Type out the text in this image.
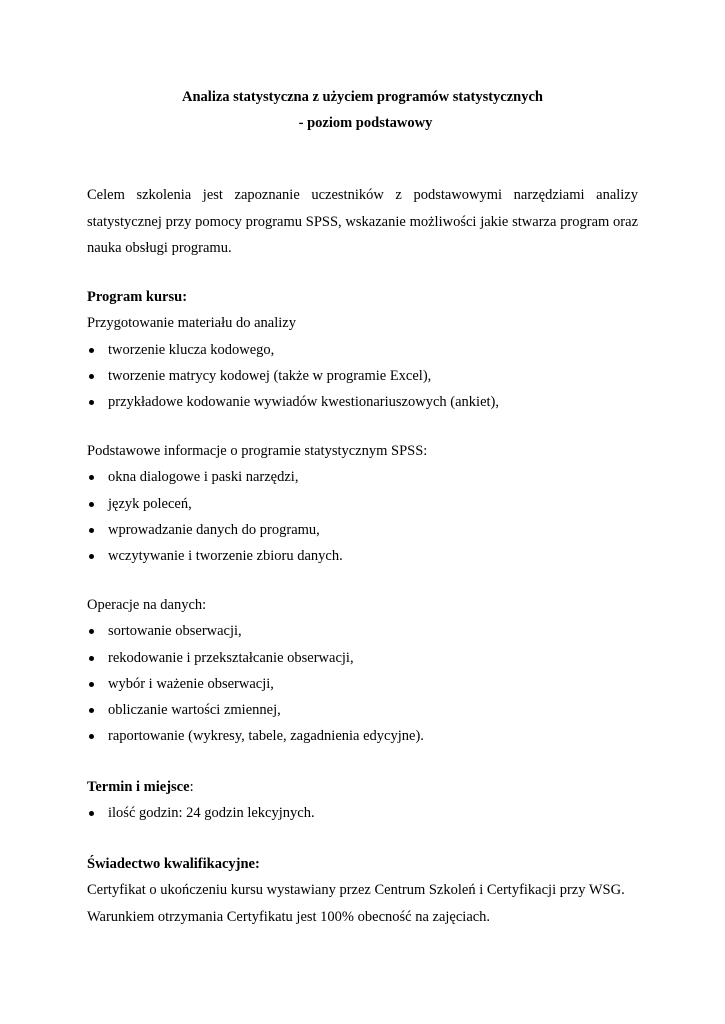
Analiza statystyczna z użyciem programów statystycznych
- poziom podstawowy

Celem szkolenia jest zapoznanie uczestników z podstawowymi narzędziami analizy statystycznej przy pomocy programu SPSS, wskazanie możliwości jakie stwarza program oraz nauka obsługi programu.

Program kursu:
Przygotowanie materiału do analizy
tworzenie klucza kodowego,
tworzenie matrycy kodowej (także w programie Excel),
przykładowe kodowanie wywiadów kwestionariuszowych (ankiet),
Podstawowe informacje o programie statystycznym SPSS:
okna dialogowe i paski narzędzi,
język poleceń,
wprowadzanie danych do programu,
wczytywanie i tworzenie zbioru danych.
Operacje na danych:
sortowanie obserwacji,
rekodowanie i przekształcanie obserwacji,
wybór i ważenie obserwacji,
obliczanie wartości zmiennej,
raportowanie (wykresy, tabele, zagadnienia edycyjne).
Termin i miejsce:
ilość godzin: 24 godzin lekcyjnych.
Świadectwo kwalifikacyjne:
Certyfikat o ukończeniu kursu wystawiany przez Centrum Szkoleń i Certyfikacji przy WSG.
Warunkiem otrzymania Certyfikatu jest 100% obecność na zajęciach.
